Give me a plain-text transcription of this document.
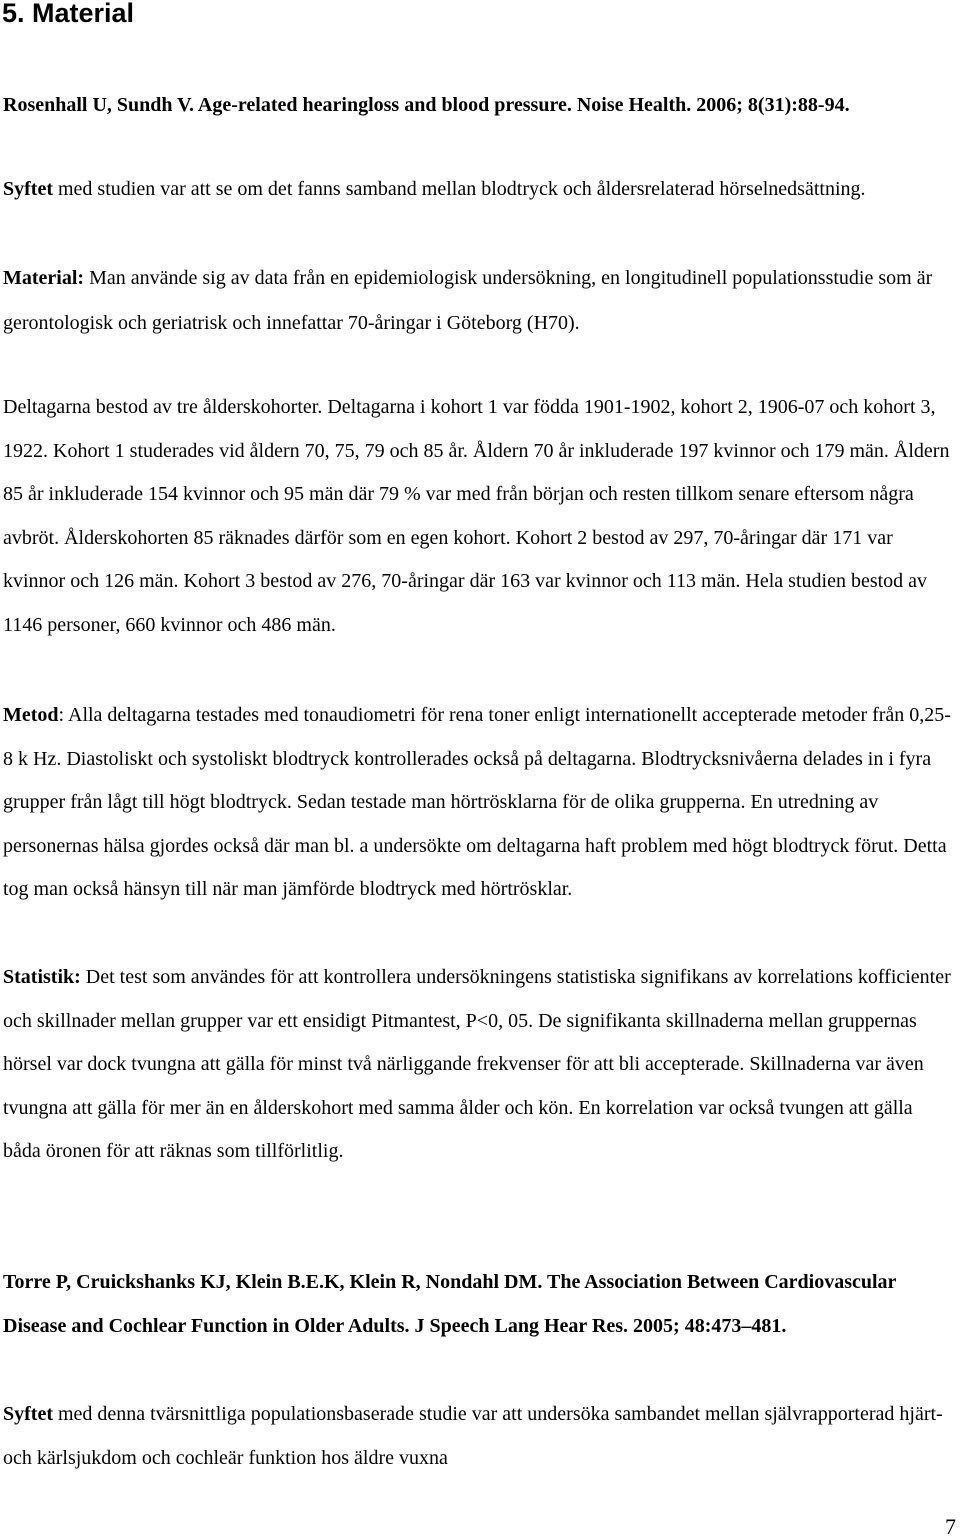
5. Material

Rosenhall U, Sundh V. Age-related hearingloss and blood pressure. Noise Health. 2006; 8(31):88-94.

Syftet med studien var att se om det fanns samband mellan blodtryck och åldersrelaterad hörselnedsättning.

Material: Man använde sig av data från en epidemiologisk undersökning, en longitudinell populationsstudie som är gerontologisk och geriatrisk och innefattar 70-åringar i Göteborg (H70).

Deltagarna bestod av tre ålderskohorter. Deltagarna i kohort 1 var födda 1901-1902, kohort 2, 1906-07 och kohort 3, 1922. Kohort 1 studerades vid åldern 70, 75, 79 och 85 år. Åldern 70 år inkluderade 197 kvinnor och 179 män. Åldern 85 år inkluderade 154 kvinnor och 95 män där 79 % var med från början och resten tillkom senare eftersom några avbröt. Ålderskohorten 85 räknades därför som en egen kohort. Kohort 2 bestod av 297, 70-åringar där 171 var kvinnor och 126 män. Kohort 3 bestod av 276, 70-åringar där 163 var kvinnor och 113 män. Hela studien bestod av 1146 personer, 660 kvinnor och 486 män.

Metod: Alla deltagarna testades med tonaudiometri för rena toner enligt internationellt accepterade metoder från 0,25-8 k Hz. Diastoliskt och systoliskt blodtryck kontrollerades också på deltagarna. Blodtrycksnivåerna delades in i fyra grupper från lågt till högt blodtryck. Sedan testade man hörtrösklarna för de olika grupperna. En utredning av personernas hälsa gjordes också där man bl. a undersökte om deltagarna haft problem med högt blodtryck förut. Detta tog man också hänsyn till när man jämförde blodtryck med hörtrösklar.

Statistik: Det test som användes för att kontrollera undersökningens statistiska signifikans av korrelations kofficienter och skillnader mellan grupper var ett ensidigt Pitmantest, P<0, 05. De signifikanta skillnaderna mellan gruppernas hörsel var dock tvungna att gälla för minst två närliggande frekvenser för att bli accepterade. Skillnaderna var även tvungna att gälla för mer än en ålderskohort med samma ålder och kön. En korrelation var också tvungen att gälla båda öronen för att räknas som tillförlitlig.

Torre P, Cruickshanks KJ, Klein B.E.K, Klein R, Nondahl DM. The Association Between Cardiovascular Disease and Cochlear Function in Older Adults. J Speech Lang Hear Res. 2005; 48:473–481.

Syftet med denna tvärsnittliga populationsbaserade studie var att undersöka sambandet mellan självrapporterad hjärt- och kärlsjukdom och cochleär funktion hos äldre vuxna

7
